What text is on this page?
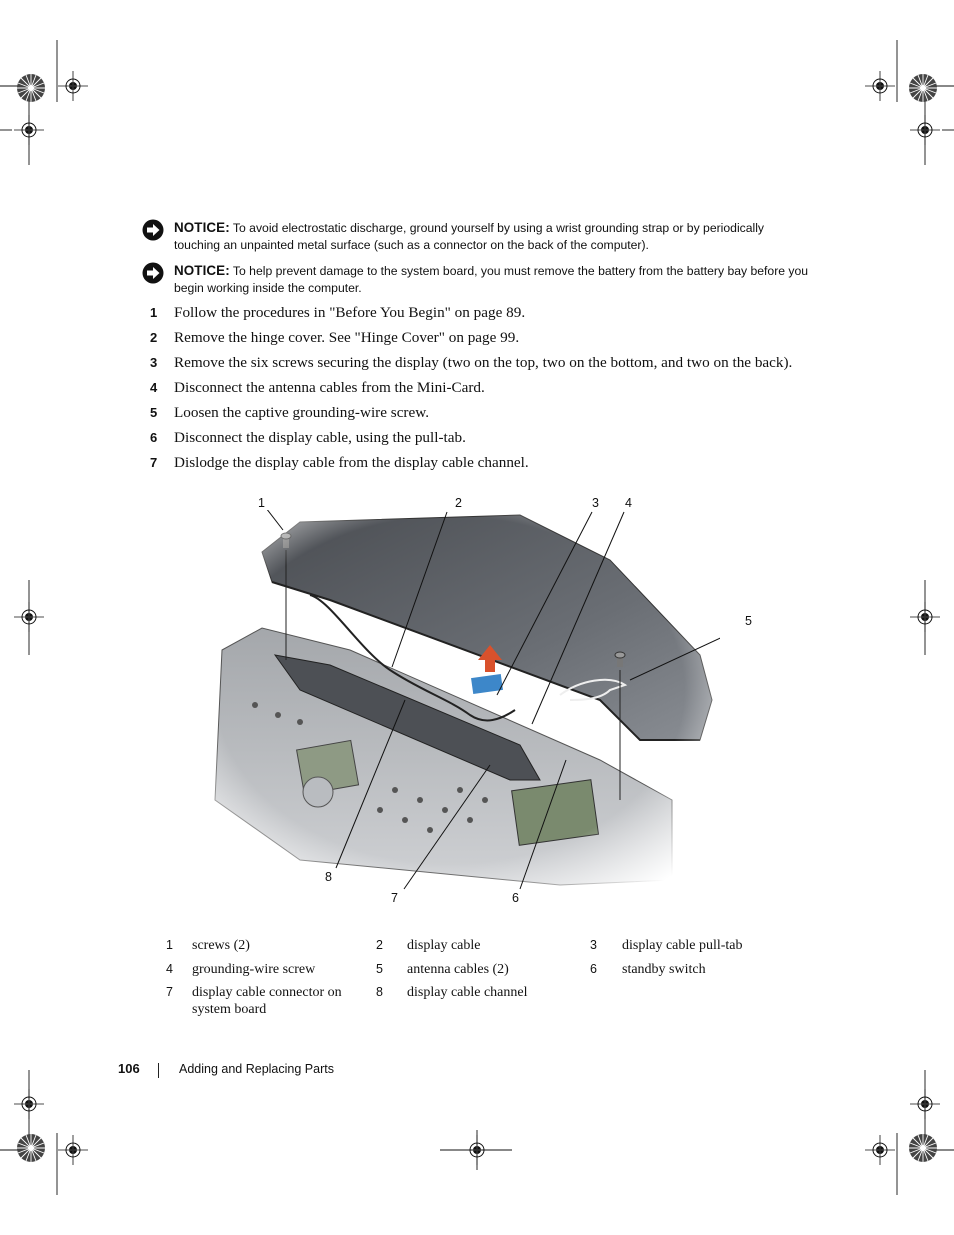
NOTICE: To avoid electrostatic discharge, ground yourself by using a wrist grounding strap or by periodically touching an unpainted metal surface (such as a connector on the back of the computer).
NOTICE: To help prevent damage to the system board, you must remove the battery from the battery bay before you begin working inside the computer.
1	Follow the procedures in "Before You Begin" on page 89.
2	Remove the hinge cover. See "Hinge Cover" on page 99.
3	Remove the six screws securing the display (two on the top, two on the bottom, and two on the back).
4	Disconnect the antenna cables from the Mini-Card.
5	Loosen the captive grounding-wire screw.
6	Disconnect the display cable, using the pull-tab.
7	Dislodge the display cable from the display cable channel.
1	2	3 4
5
8
7	6
1 screws (2)	2 display cable	3 display cable pull-tab
4 grounding-wire screw	5 antenna cables (2)	6 standby switch
7 display cable connector on system board
8 display cable channel
106	Adding and Replacing Parts
